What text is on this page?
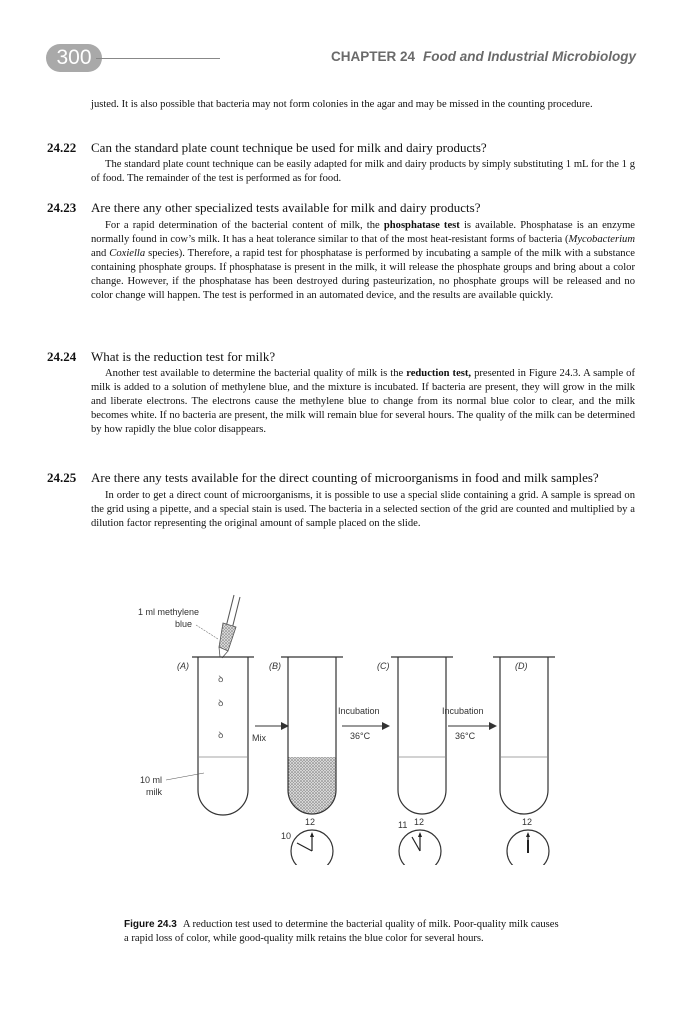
300	CHAPTER 24 Food and Industrial Microbiology

justed. It is also possible that bacteria may not form colonies in the agar and may be missed in the counting procedure.

24.22 Can the standard plate count technique be used for milk and dairy products?

The standard plate count technique can be easily adapted for milk and dairy products by simply substituting 1 mL for the 1 g of food. The remainder of the test is performed as for food.

24.23 Are there any other specialized tests available for milk and dairy products?

For a rapid determination of the bacterial content of milk, the phosphatase test is available. Phosphatase is an enzyme normally found in cow’s milk. It has a heat tolerance similar to that of the most heat-resistant forms of bacteria (Mycobacterium and Coxiella species). Therefore, a rapid test for phosphatase is performed by incubating a sample of the milk with a substance containing phosphate groups. If phosphatase is present in the milk, it will release the phosphate groups and bring about a color change. However, if the phosphatase has been destroyed during pasteurization, no phosphate groups will be released and no color change will happen. The test is performed in an automated device, and the results are available quickly.

24.24 What is the reduction test for milk?

Another test available to determine the bacterial quality of milk is the reduction test, presented in Figure 24.3. A sample of milk is added to a solution of methylene blue, and the mixture is incubated. If bacteria are present, they will grow in the milk and liberate electrons. The electrons cause the methylene blue to change from its normal blue color to clear, and the milk becomes white. If no bacteria are present, the milk will remain blue for several hours. The quality of the milk can be determined by how rapidly the blue color disappears.

24.25 Are there any tests available for the direct counting of microorganisms in food and milk samples?

In order to get a direct count of microorganisms, it is possible to use a special slide containing a grid. A sample is spread on the grid using a pipette, and a special stain is used. The bacteria in a selected section of the grid are counted and multiplied by a dilution factor representing the original amount of sample placed on the slide.

1 ml methylene
blue
ꝺ
ꝺ
ꝺ
(A)
10 ml
milk
Mix
(B)
Incubation
36°C
(C)
Incubation
36°C
(D)
12
10
12
11	12

Figure 24.3 A reduction test used to determine the bacterial quality of milk. Poor-quality milk causes a rapid loss of color, while good-quality milk retains the blue color for several hours.
